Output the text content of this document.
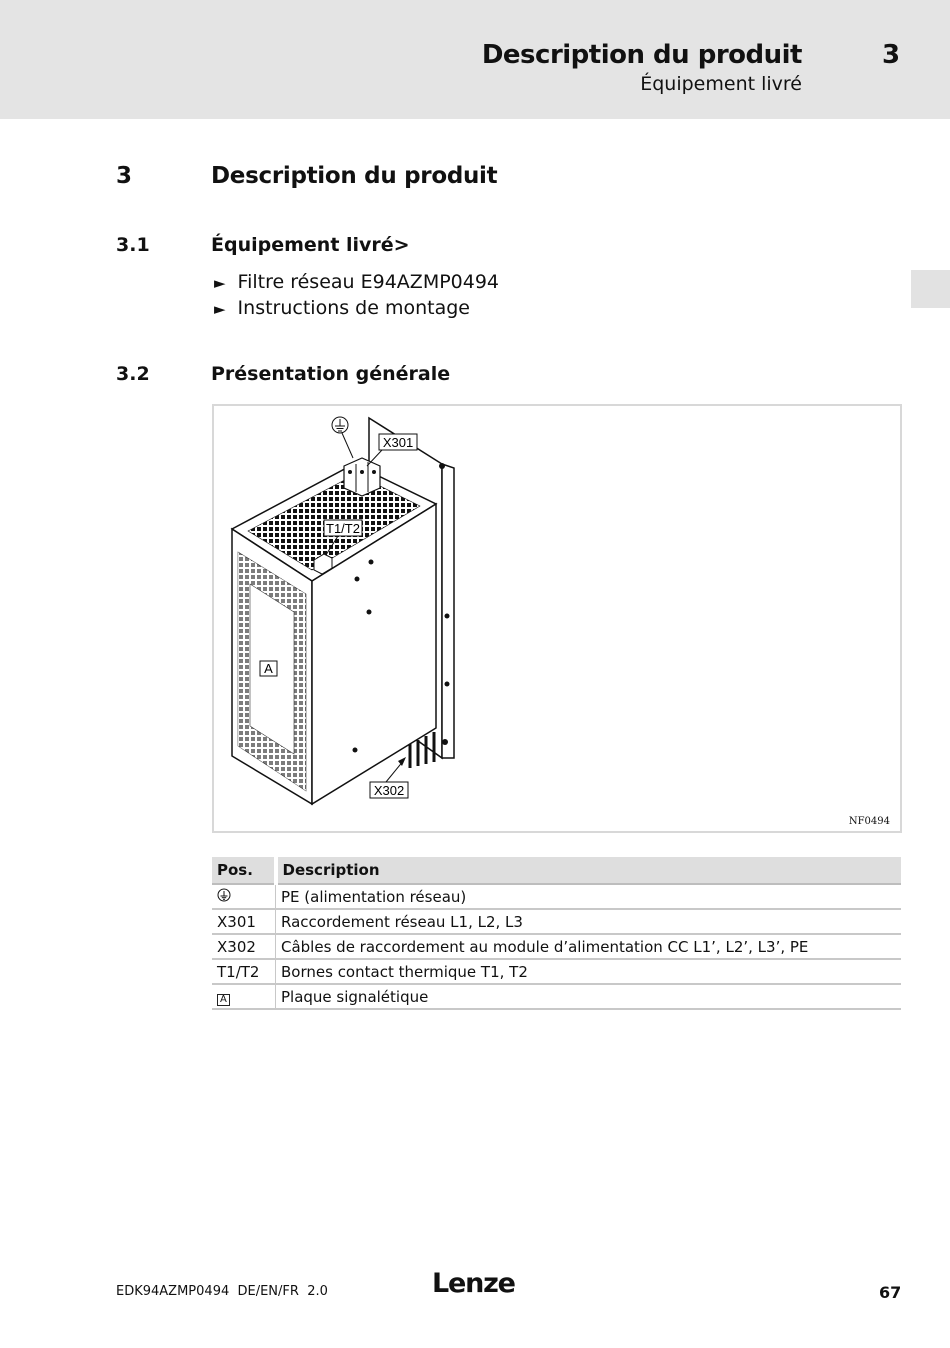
Description du produit
Équipement livré
3
3	Description du produit
3.1	Équipement livré>
► Filtre réseau E94AZMP0494
► Instructions de montage
3.2	Présentation générale
X301
T1/T2
A
X302
NF0494
Pos.	Description
	PE (alimentation réseau)
X301	Raccordement réseau L1, L2, L3
X302	Câbles de raccordement au module d’alimentation CC L1’, L2’, L3’, PE
T1/T2	Bornes contact thermique T1, T2
A	Plaque signalétique
EDK94AZMP0494  DE/EN/FR  2.0	Lenze	67
